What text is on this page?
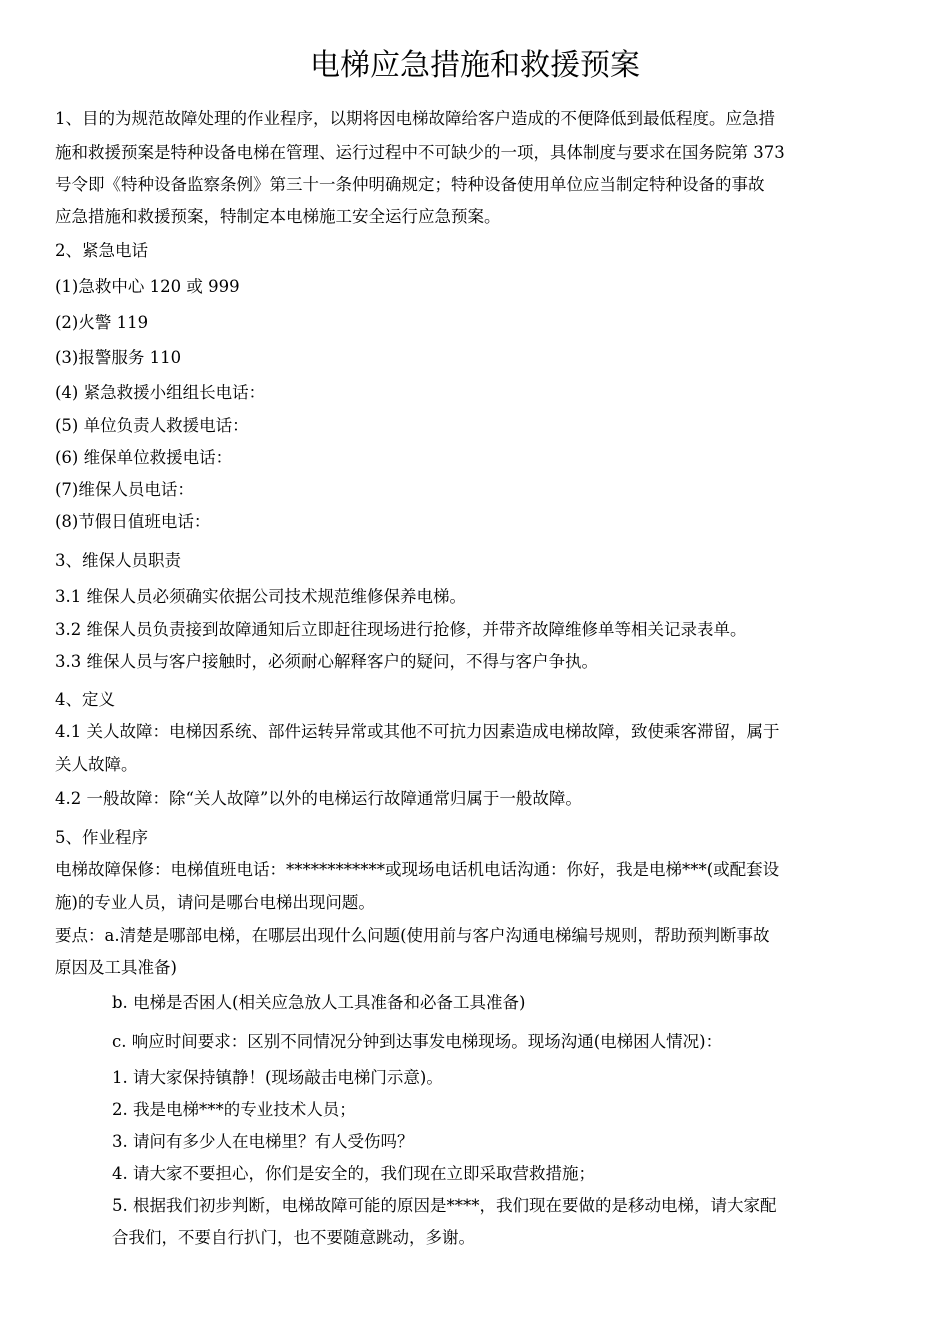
电梯应急措施和救援预案
1、目的为规范故障处理的作业程序，以期将因电梯故障给客户造成的不便降低到最低程度。应急措
施和救援预案是特种设备电梯在管理、运行过程中不可缺少的一项，具体制度与要求在国务院第 373
号令即《特种设备监察条例》第三十一条仲明确规定；特种设备使用单位应当制定特种设备的事故
应急措施和救援预案，特制定本电梯施工安全运行应急预案。
2、紧急电话
(1)急救中心 120 或 999
(2)火警 119
(3)报警服务 110
(4) 紧急救援小组组长电话：
(5) 单位负责人救援电话：
(6) 维保单位救援电话：
(7)维保人员电话：
(8)节假日值班电话：
3、维保人员职责
3.1 维保人员必须确实依据公司技术规范维修保养电梯。
3.2 维保人员负责接到故障通知后立即赶往现场进行抢修，并带齐故障维修单等相关记录表单。
3.3 维保人员与客户接触时，必须耐心解释客户的疑问，不得与客户争执。
4、定义
4.1 关人故障：电梯因系统、部件运转异常或其他不可抗力因素造成电梯故障，致使乘客滞留，属于
关人故障。
4.2 一般故障：除“关人故障”以外的电梯运行故障通常归属于一般故障。
5、作业程序
电梯故障保修：电梯值班电话：************或现场电话机电话沟通：你好，我是电梯***(或配套设
施)的专业人员，请问是哪台电梯出现问题。
要点：a.清楚是哪部电梯，在哪层出现什么问题(使用前与客户沟通电梯编号规则，帮助预判断事故
原因及工具准备)
b. 电梯是否困人(相关应急放人工具准备和必备工具准备)
c. 响应时间要求：区别不同情况分钟到达事发电梯现场。现场沟通(电梯困人情况)：
1. 请大家保持镇静！(现场敲击电梯门示意)。
2. 我是电梯***的专业技术人员；
3. 请问有多少人在电梯里？有人受伤吗？
4. 请大家不要担心，你们是安全的，我们现在立即采取营救措施；
5. 根据我们初步判断，电梯故障可能的原因是****，我们现在要做的是移动电梯，请大家配
合我们，不要自行扒门，也不要随意跳动，多谢。
